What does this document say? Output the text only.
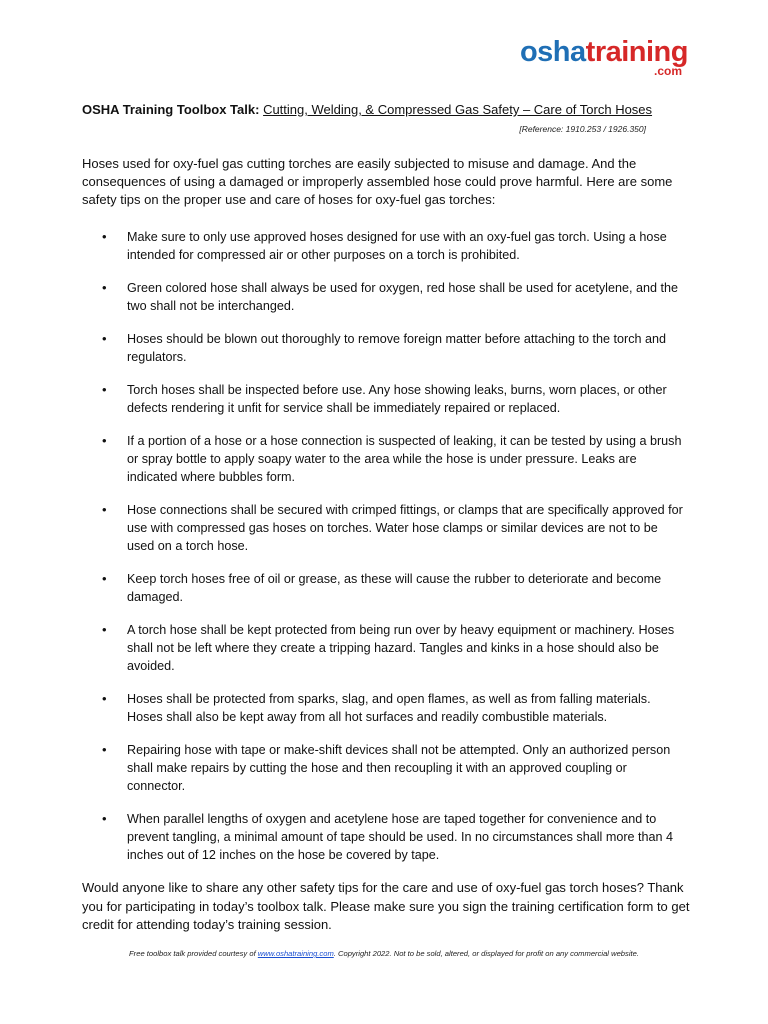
oshatraining
.com
OSHA Training Toolbox Talk: Cutting, Welding, & Compressed Gas Safety – Care of Torch Hoses
[Reference: 1910.253 / 1926.350]

Hoses used for oxy-fuel gas cutting torches are easily subjected to misuse and damage. And the consequences of using a damaged or improperly assembled hose could prove harmful. Here are some safety tips on the proper use and care of hoses for oxy-fuel gas torches:

• Make sure to only use approved hoses designed for use with an oxy-fuel gas torch. Using a hose intended for compressed air or other purposes on a torch is prohibited.
• Green colored hose shall always be used for oxygen, red hose shall be used for acetylene, and the two shall not be interchanged.
• Hoses should be blown out thoroughly to remove foreign matter before attaching to the torch and regulators.
• Torch hoses shall be inspected before use. Any hose showing leaks, burns, worn places, or other defects rendering it unfit for service shall be immediately repaired or replaced.
• If a portion of a hose or a hose connection is suspected of leaking, it can be tested by using a brush or spray bottle to apply soapy water to the area while the hose is under pressure. Leaks are indicated where bubbles form.
• Hose connections shall be secured with crimped fittings, or clamps that are specifically approved for use with compressed gas hoses on torches. Water hose clamps or similar devices are not to be used on a torch hose.
• Keep torch hoses free of oil or grease, as these will cause the rubber to deteriorate and become damaged.
• A torch hose shall be kept protected from being run over by heavy equipment or machinery. Hoses shall not be left where they create a tripping hazard. Tangles and kinks in a hose should also be avoided.
• Hoses shall be protected from sparks, slag, and open flames, as well as from falling materials. Hoses shall also be kept away from all hot surfaces and readily combustible materials.
• Repairing hose with tape or make-shift devices shall not be attempted. Only an authorized person shall make repairs by cutting the hose and then recoupling it with an approved coupling or connector.
• When parallel lengths of oxygen and acetylene hose are taped together for convenience and to prevent tangling, a minimal amount of tape should be used. In no circumstances shall more than 4 inches out of 12 inches on the hose be covered by tape.

Would anyone like to share any other safety tips for the care and use of oxy-fuel gas torch hoses? Thank you for participating in today’s toolbox talk. Please make sure you sign the training certification form to get credit for attending today’s training session.

Free toolbox talk provided courtesy of www.oshatraining.com. Copyright 2022. Not to be sold, altered, or displayed for profit on any commercial website.
